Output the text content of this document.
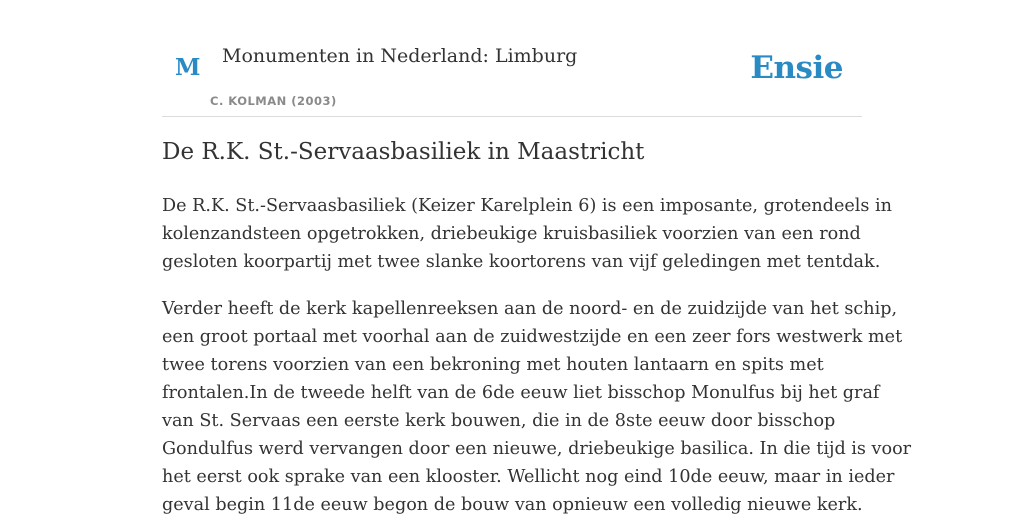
M Monumenten in Nederland: Limburg
C. KOLMAN (2003)
Ensie
De R.K. St.-Servaasbasiliek in Maastricht

De R.K. St.-Servaasbasiliek (Keizer Karelplein 6) is een imposante, grotendeels in
kolenzandsteen opgetrokken, driebeukige kruisbasiliek voorzien van een rond
gesloten koorpartij met twee slanke koortorens van vijf geledingen met tentdak.

Verder heeft de kerk kapellenreeksen aan de noord- en de zuidzijde van het schip,
een groot portaal met voorhal aan de zuidwestzijde en een zeer fors westwerk met
twee torens voorzien van een bekroning met houten lantaarn en spits met
frontalen.In de tweede helft van de 6de eeuw liet bisschop Monulfus bij het graf
van St. Servaas een eerste kerk bouwen, die in de 8ste eeuw door bisschop
Gondulfus werd vervangen door een nieuwe, driebeukige basilica. In die tijd is voor
het eerst ook sprake van een klooster. Wellicht nog eind 10de eeuw, maar in ieder
geval begin 11de eeuw begon de bouw van opnieuw een volledig nieuwe kerk.
